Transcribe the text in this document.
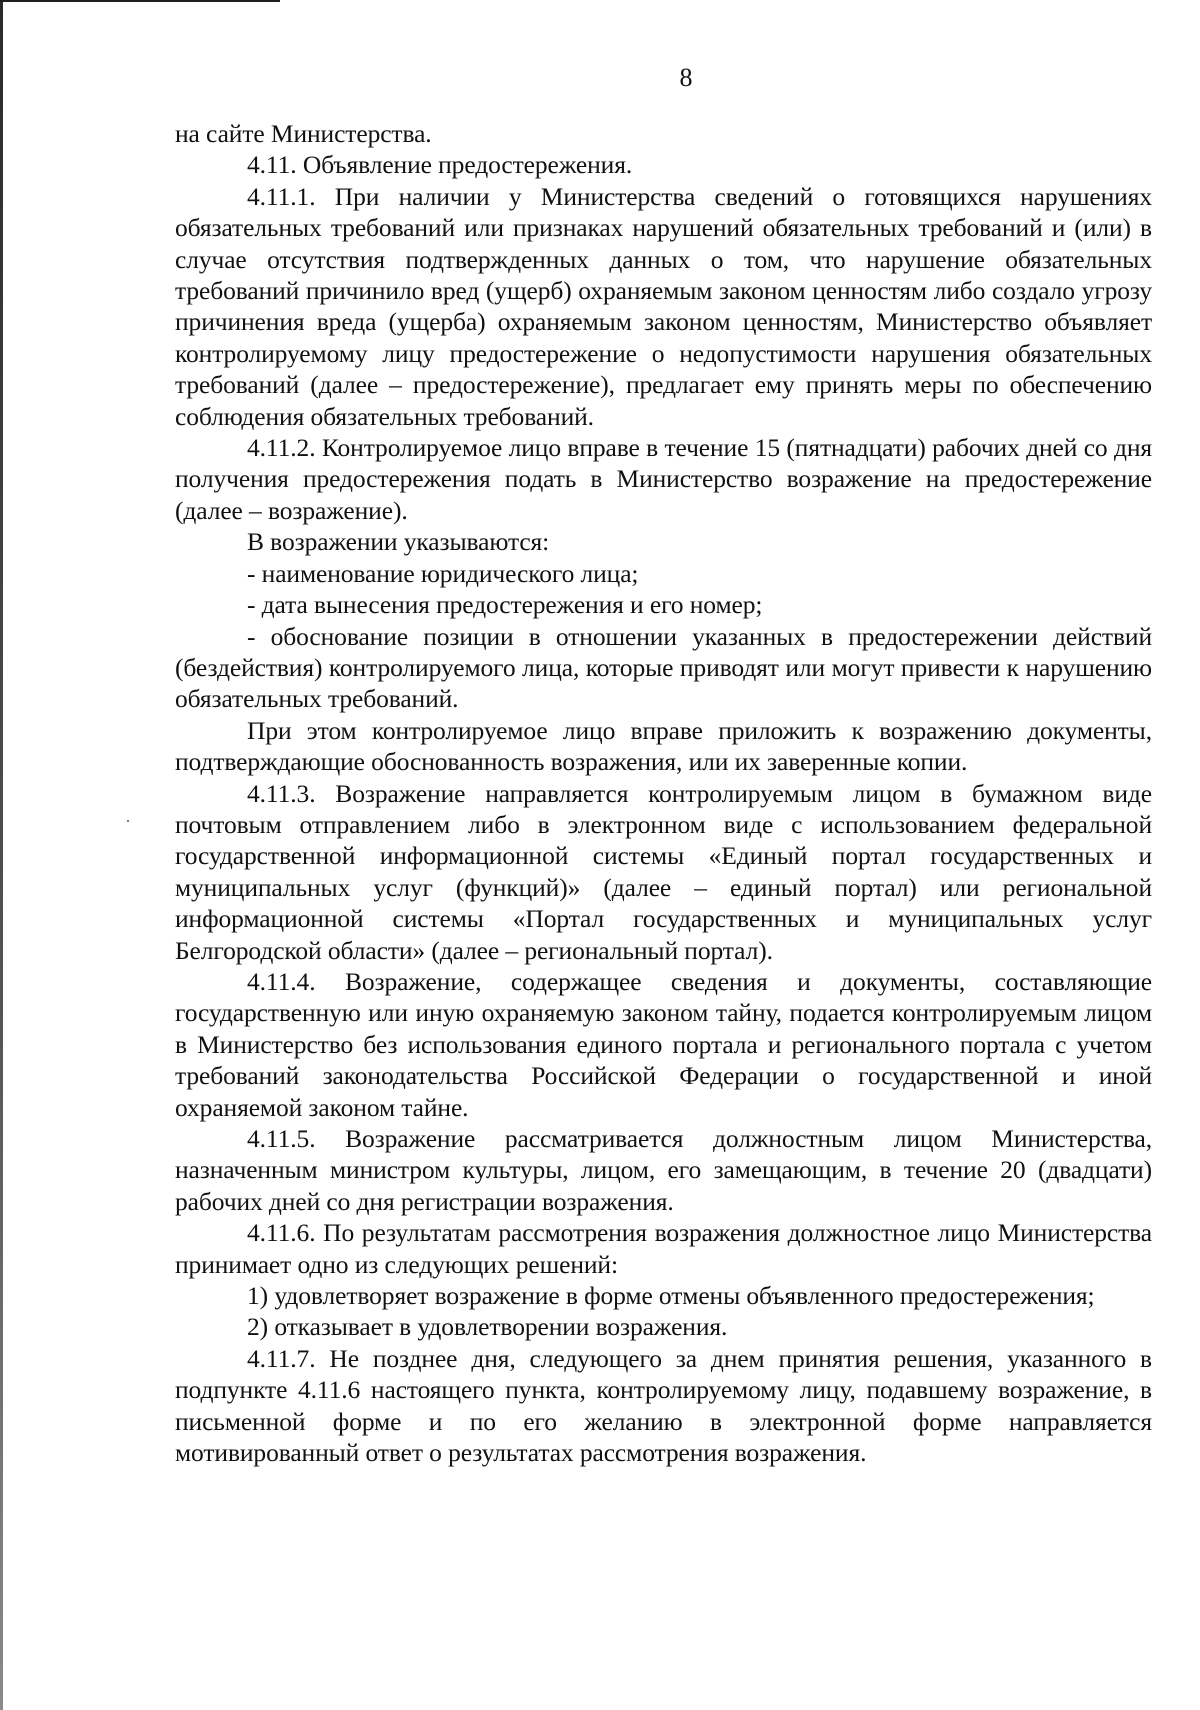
8

на сайте Министерства.

4.11. Объявление предостережения.

4.11.1. При наличии у Министерства сведений о готовящихся нарушениях обязательных требований или признаках нарушений обязательных требований и (или) в случае отсутствия подтвержденных данных о том, что нарушение обязательных требований причинило вред (ущерб) охраняемым законом ценностям либо создало угрозу причинения вреда (ущерба) охраняемым законом ценностям, Министерство объявляет контролируемому лицу предостережение о недопустимости нарушения обязательных требований (далее – предостережение), предлагает ему принять меры по обеспечению соблюдения обязательных требований.

4.11.2. Контролируемое лицо вправе в течение 15 (пятнадцати) рабочих дней со дня получения предостережения подать в Министерство возражение на предостережение (далее – возражение).

В возражении указываются:

- наименование юридического лица;

- дата вынесения предостережения и его номер;

- обоснование позиции в отношении указанных в предостережении действий (бездействия) контролируемого лица, которые приводят или могут привести к нарушению обязательных требований.

При этом контролируемое лицо вправе приложить к возражению документы, подтверждающие обоснованность возражения, или их заверенные копии.

4.11.3. Возражение направляется контролируемым лицом в бумажном виде почтовым отправлением либо в электронном виде с использованием федеральной государственной информационной системы «Единый портал государственных и муниципальных услуг (функций)» (далее – единый портал) или региональной информационной системы «Портал государственных и муниципальных услуг Белгородской области» (далее – региональный портал).

4.11.4. Возражение, содержащее сведения и документы, составляющие государственную или иную охраняемую законом тайну, подается контролируемым лицом в Министерство без использования единого портала и регионального портала с учетом требований законодательства Российской Федерации о государственной и иной охраняемой законом тайне.

4.11.5. Возражение рассматривается должностным лицом Министерства, назначенным министром культуры, лицом, его замещающим, в течение 20 (двадцати) рабочих дней со дня регистрации возражения.

4.11.6. По результатам рассмотрения возражения должностное лицо Министерства принимает одно из следующих решений:

1) удовлетворяет возражение в форме отмены объявленного предостережения;

2) отказывает в удовлетворении возражения.

4.11.7. Не позднее дня, следующего за днем принятия решения, указанного в подпункте 4.11.6 настоящего пункта, контролируемому лицу, подавшему возражение, в письменной форме и по его желанию в электронной форме направляется мотивированный ответ о результатах рассмотрения возражения.
